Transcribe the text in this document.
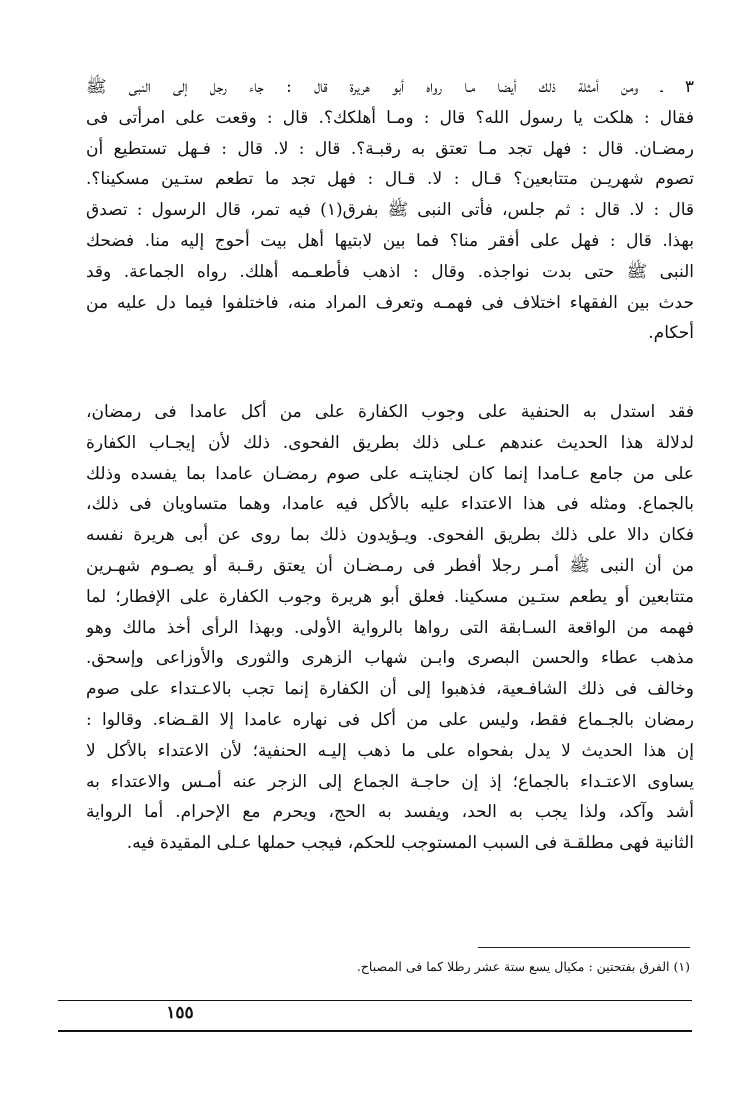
٣ ـ ومن أمثلة ذلك أيضا مـا رواه أبو هريرة قال : جاء رجل إلى النبى ﷺ
فقال : هلكت يا رسول الله؟ قال : ومـا أهلكك؟. قال : وقعت على امرأتى فى
رمضـان. قال : فهل تجد مـا تعتق به رقبـة؟. قال : لا. قال : فـهل تستطيع أن
تصوم شهريـن متتابعين؟ قـال : لا. قـال : فهل تجد ما تطعم ستـين مسكينا؟.
قال : لا. قال : ثم جلس، فأتى النبى ﷺ بفرق(١) فيه تمر، قال الرسول : تصدق
بهذا. قال : فهل على أفقر منا؟ فما بين لابتيها أهل بيت أحوج إليه منا. فضحك
النبى ﷺ حتى بدت نواجذه. وقال : اذهب فأطعـمه أهلك. رواه الجماعة. وقد
حدث بين الفقهاء اختلاف فى فهمـه وتعرف المراد منه، فاختلفوا فيما دل عليه من
أحكام.
فقد استدل به الحنفية على وجوب الكفارة على من أكل عامدا فى رمضان،
لدلالة هذا الحديث عندهم عـلى ذلك بطريق الفحوى. ذلك لأن إيجـاب الكفارة
على من جامع عـامدا إنما كان لجنايتـه على صوم رمضـان عامدا بما يفسده وذلك
بالجماع. ومثله فى هذا الاعتداء عليه بالأكل فيه عامدا، وهما متساويان فى ذلك،
فكان دالا على ذلك بطريق الفحوى. ويـؤيدون ذلك بما روى عن أبى هريرة نفسه
من أن النبى ﷺ أمـر رجلا أفطر فى رمـضـان أن يعتق رقـبة أو يصـوم شهـرين
متتابعين أو يطعم ستـين مسكينا. فعلق أبو هريرة وجوب الكفارة على الإفطار؛ لما
فهمه من الواقعة السـابقة التى رواها بالرواية الأولى. وبهذا الرأى أخذ مالك وهو
مذهب عطاء والحسن البصرى وابـن شهاب الزهرى والثورى والأوزاعى وإسحق.
وخالف فى ذلك الشافـعية، فذهبوا إلى أن الكفارة إنما تجب بالاعـتداء على صوم
رمضان بالجـماع فقط، وليس على من أكل فى نهاره عامدا إلا القـضاء. وقالوا :
إن هذا الحديث لا يدل بفحواه على ما ذهب إليـه الحنفية؛ لأن الاعتداء بالأكل لا
يساوى الاعتـداء بالجماع؛ إذ إن حاجـة الجماع إلى الزجر عنه أمـس والاعتداء به
أشد وآكد، ولذا يجب به الحد، ويفسد به الحج، ويحرم مع الإحرام. أما الرواية
الثانية فهى مطلقـة فى السبب المستوجب للحكم، فيجب حملها عـلى المقيدة فيه.
(١) الفرق بفتحتين : مكيال يسع ستة عشر رطلا كما فى المصباح.
١٥٥
